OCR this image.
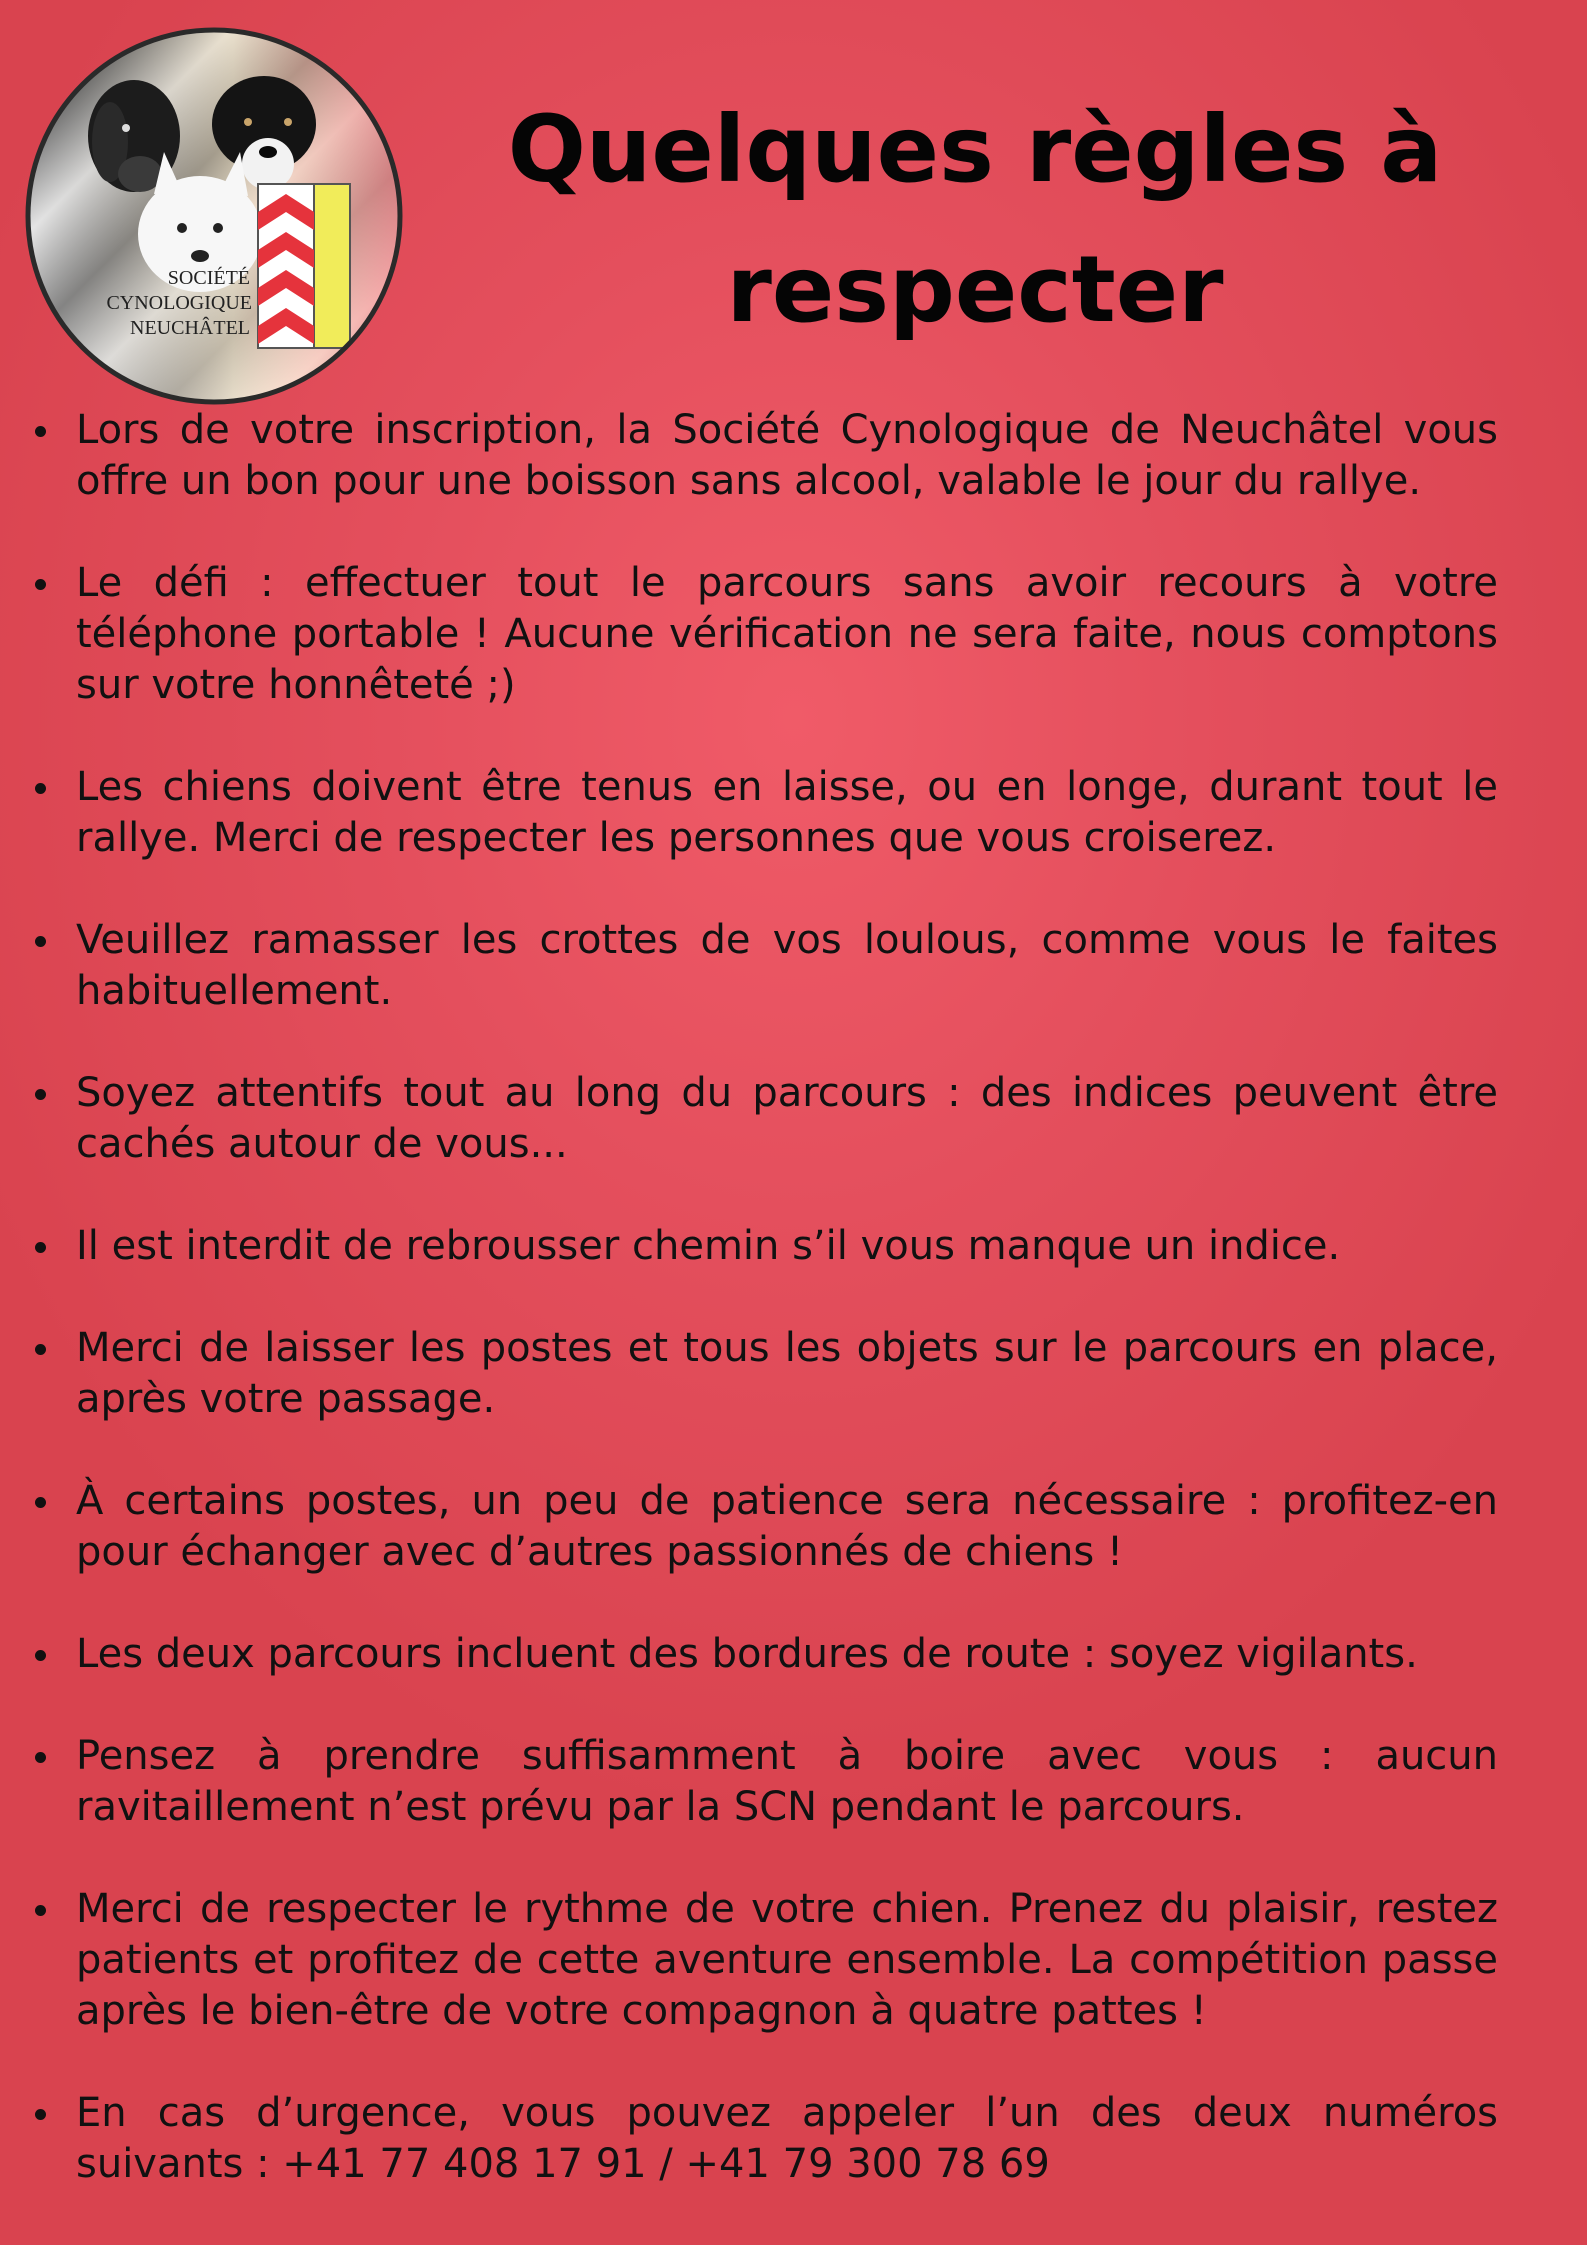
SOCIÉTÉ
CYNOLOGIQUE
NEUCHÂTEL
Quelques règles à respecter
Lors de votre inscription, la Société Cynologique de Neuchâtel vous offre un bon pour une boisson sans alcool, valable le jour du rallye.
Le défi : effectuer tout le parcours sans avoir recours à votre téléphone portable ! Aucune vérification ne sera faite, nous comptons sur votre honnêteté ;)
Les chiens doivent être tenus en laisse, ou en longe, durant tout le rallye. Merci de respecter les personnes que vous croiserez.
Veuillez ramasser les crottes de vos loulous, comme vous le faites habituellement.
Soyez attentifs tout au long du parcours : des indices peuvent être cachés autour de vous...
Il est interdit de rebrousser chemin s’il vous manque un indice.
Merci de laisser les postes et tous les objets sur le parcours en place, après votre passage.
À certains postes, un peu de patience sera nécessaire : profitez-en pour échanger avec d’autres passionnés de chiens !
Les deux parcours incluent des bordures de route : soyez vigilants.
Pensez à prendre suffisamment à boire avec vous : aucun ravitaillement n’est prévu par la SCN pendant le parcours.
Merci de respecter le rythme de votre chien. Prenez du plaisir, restez patients et profitez de cette aventure ensemble. La compétition passe après le bien-être de votre compagnon à quatre pattes !
En cas d’urgence, vous pouvez appeler l’un des deux numéros suivants : +41 77 408 17 91 / +41 79 300 78 69
